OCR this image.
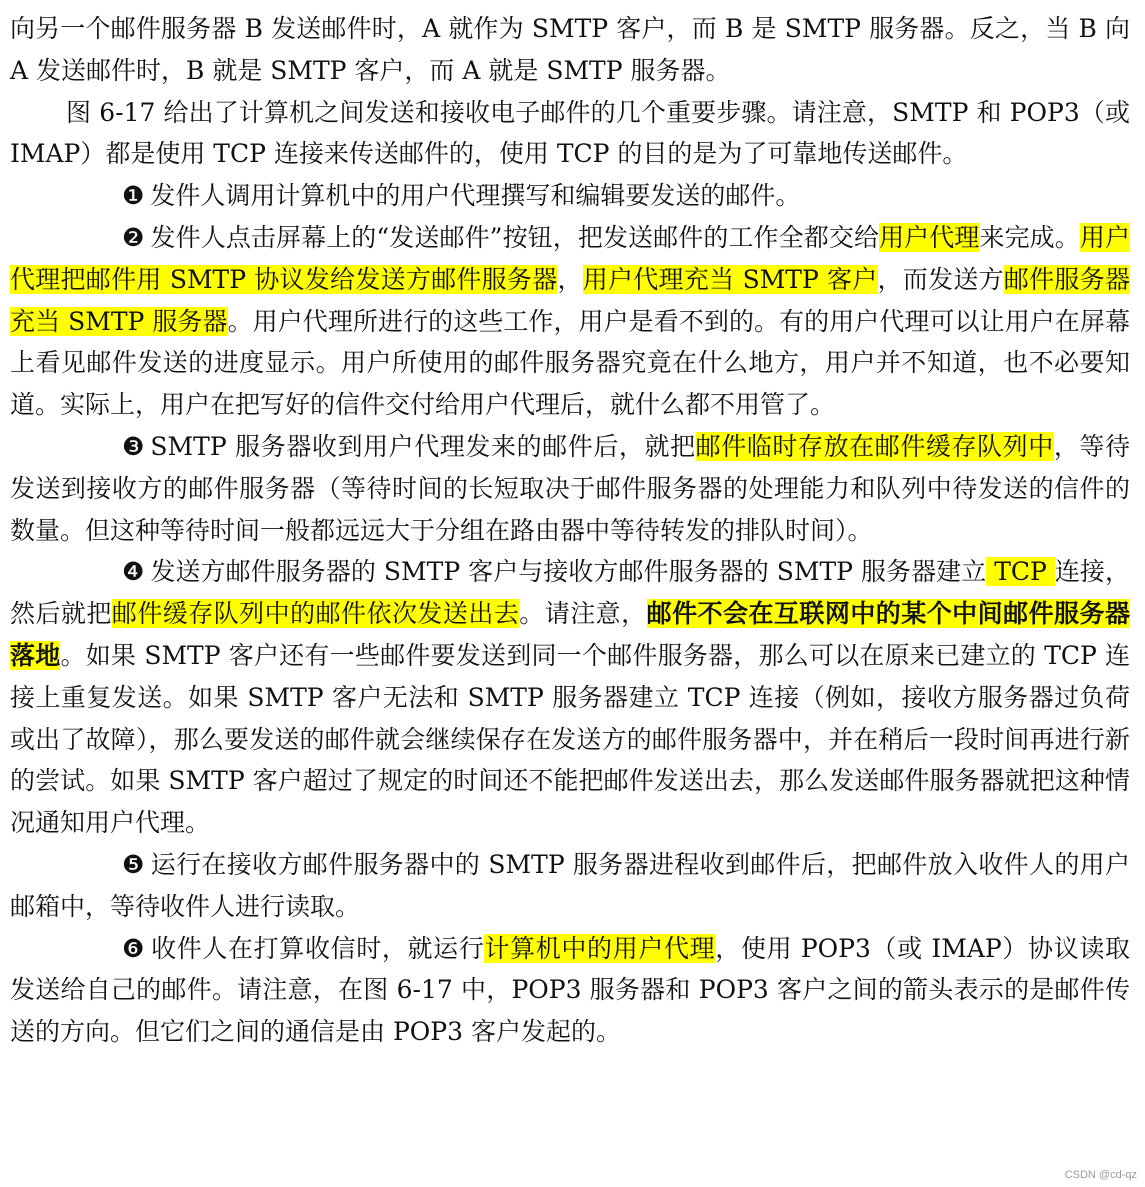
向另一个邮件服务器 B 发送邮件时，A 就作为 SMTP 客户，而 B 是 SMTP 服务器。反之，当 B 向 A 发送邮件时，B 就是 SMTP 客户，而 A 就是 SMTP 服务器。

图 6-17 给出了计算机之间发送和接收电子邮件的几个重要步骤。请注意，SMTP 和 POP3（或 IMAP）都是使用 TCP 连接来传送邮件的，使用 TCP 的目的是为了可靠地传送邮件。

❶ 发件人调用计算机中的用户代理撰写和编辑要发送的邮件。

❷ 发件人点击屏幕上的“发送邮件”按钮，把发送邮件的工作全都交给用户代理来完成。用户代理把邮件用 SMTP 协议发给发送方邮件服务器，用户代理充当 SMTP 客户，而发送方邮件服务器充当 SMTP 服务器。用户代理所进行的这些工作，用户是看不到的。有的用户代理可以让用户在屏幕上看见邮件发送的进度显示。用户所使用的邮件服务器究竟在什么地方，用户并不知道，也不必要知道。实际上，用户在把写好的信件交付给用户代理后，就什么都不用管了。

❸ SMTP 服务器收到用户代理发来的邮件后，就把邮件临时存放在邮件缓存队列中，等待发送到接收方的邮件服务器（等待时间的长短取决于邮件服务器的处理能力和队列中待发送的信件的数量。但这种等待时间一般都远远大于分组在路由器中等待转发的排队时间）。

❹ 发送方邮件服务器的 SMTP 客户与接收方邮件服务器的 SMTP 服务器建立 TCP 连接，然后就把邮件缓存队列中的邮件依次发送出去。请注意，邮件不会在互联网中的某个中间邮件服务器落地。如果 SMTP 客户还有一些邮件要发送到同一个邮件服务器，那么可以在原来已建立的 TCP 连接上重复发送。如果 SMTP 客户无法和 SMTP 服务器建立 TCP 连接（例如，接收方服务器过负荷或出了故障），那么要发送的邮件就会继续保存在发送方的邮件服务器中，并在稍后一段时间再进行新的尝试。如果 SMTP 客户超过了规定的时间还不能把邮件发送出去，那么发送邮件服务器就把这种情况通知用户代理。

❺ 运行在接收方邮件服务器中的 SMTP 服务器进程收到邮件后，把邮件放入收件人的用户邮箱中，等待收件人进行读取。

❻ 收件人在打算收信时，就运行计算机中的用户代理，使用 POP3（或 IMAP）协议读取发送给自己的邮件。请注意，在图 6-17 中，POP3 服务器和 POP3 客户之间的箭头表示的是邮件传送的方向。但它们之间的通信是由 POP3 客户发起的。

CSDN @cd-qz
